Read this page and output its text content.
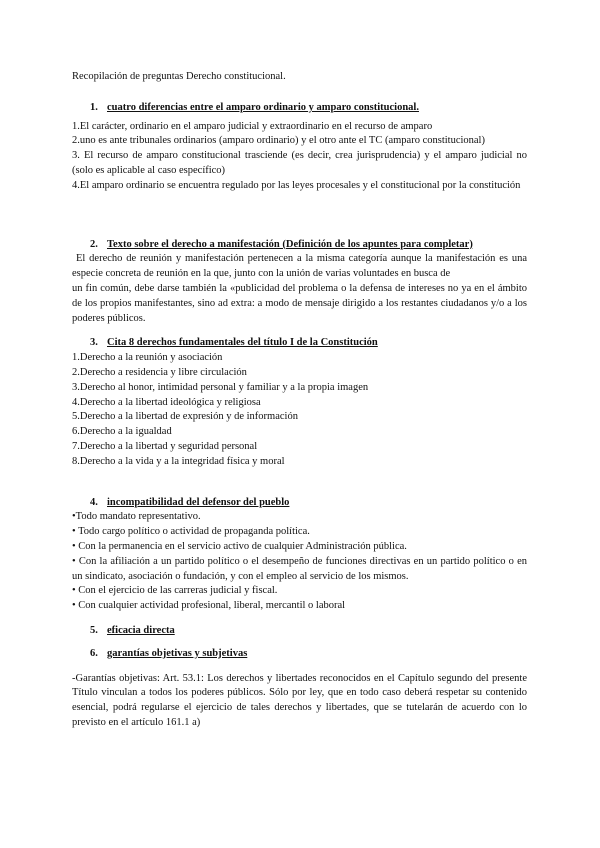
Recopilación de preguntas Derecho constitucional.

1. cuatro diferencias entre el amparo ordinario y amparo constitucional.

1.El carácter, ordinario en el amparo judicial y extraordinario en el recurso de amparo

2.uno es ante tribunales ordinarios (amparo ordinario) y el otro ante el TC (amparo constitucional)

3. El recurso de amparo constitucional trasciende (es decir, crea jurisprudencia) y el amparo judicial no (solo es aplicable al caso específico)

4.El amparo ordinario se encuentra regulado por las leyes procesales y el constitucional por la constitución

2. Texto sobre el derecho a manifestación (Definición de los apuntes para completar)

El derecho de reunión y manifestación pertenecen a la misma categoría aunque la manifestación es una especie concreta de reunión en la que, junto con la unión de varias voluntades en busca de

un fin común, debe darse también la «publicidad del problema o la defensa de intereses no ya en el ámbito de los propios manifestantes, sino ad extra: a modo de mensaje dirigido a los restantes ciudadanos y/o a los poderes públicos.

3. Cita 8 derechos fundamentales del título I de la Constitución

1.Derecho a la reunión y asociación

2.Derecho a residencia y libre circulación

3.Derecho al honor, intimidad personal y familiar y a la propia imagen

4.Derecho a la libertad ideológica y religiosa

5.Derecho a la libertad de expresión y de información

6.Derecho a la igualdad

7.Derecho a la libertad y seguridad personal

8.Derecho a la vida y a la integridad física y moral

4. incompatibilidad del defensor del pueblo

•Todo mandato representativo.

• Todo cargo político o actividad de propaganda política.

• Con la permanencia en el servicio activo de cualquier Administración pública.

• Con la afiliación a un partido político o el desempeño de funciones directivas en un partido político o en un sindicato, asociación o fundación, y con el empleo al servicio de los mismos.

• Con el ejercicio de las carreras judicial y fiscal.

• Con cualquier actividad profesional, liberal, mercantil o laboral

5. eficacia directa

6. garantías objetivas y subjetivas

-Garantías objetivas: Art. 53.1: Los derechos y libertades reconocidos en el Capítulo segundo del presente Título vinculan a todos los poderes públicos. Sólo por ley, que en todo caso deberá respetar su contenido esencial, podrá regularse el ejercicio de tales derechos y libertades, que se tutelarán de acuerdo con lo previsto en el artículo 161.1 a)
